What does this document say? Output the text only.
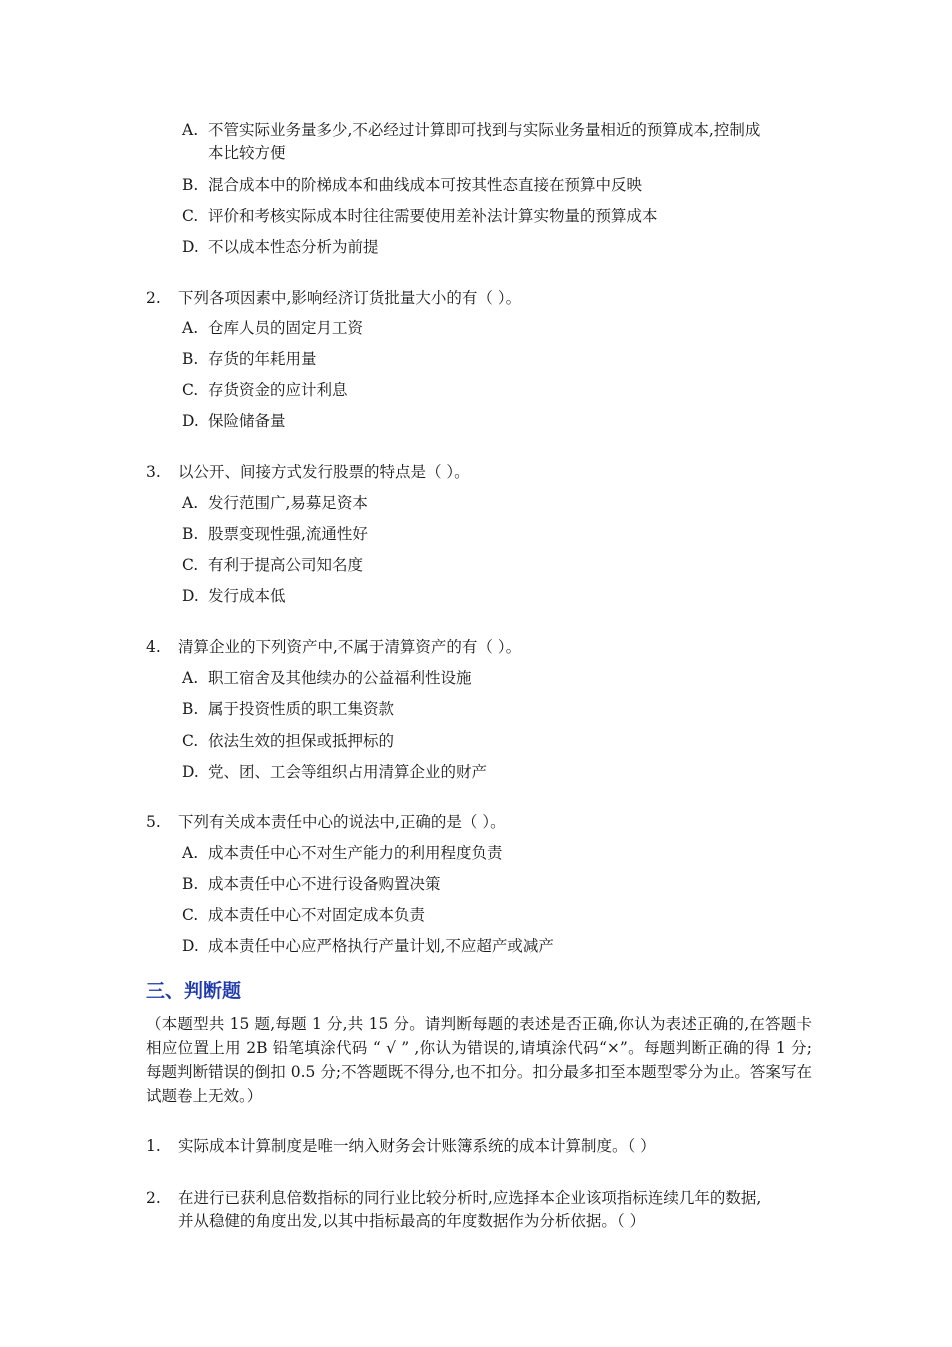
A. 不管实际业务量多少,不必经过计算即可找到与实际业务量相近的预算成本,控制成
本比较方便
B. 混合成本中的阶梯成本和曲线成本可按其性态直接在预算中反映
C. 评价和考核实际成本时往往需要使用差补法计算实物量的预算成本
D. 不以成本性态分析为前提
2. 下列各项因素中,影响经济订货批量大小的有（ ）。
A. 仓库人员的固定月工资
B. 存货的年耗用量
C. 存货资金的应计利息
D. 保险储备量
3. 以公开、间接方式发行股票的特点是（ ）。
A. 发行范围广,易募足资本
B. 股票变现性强,流通性好
C. 有利于提高公司知名度
D. 发行成本低
4. 清算企业的下列资产中,不属于清算资产的有（ ）。
A. 职工宿舍及其他续办的公益福利性设施
B. 属于投资性质的职工集资款
C. 依法生效的担保或抵押标的
D. 党、团、工会等组织占用清算企业的财产
5. 下列有关成本责任中心的说法中,正确的是（ ）。
A. 成本责任中心不对生产能力的利用程度负责
B. 成本责任中心不进行设备购置决策
C. 成本责任中心不对固定成本负责
D. 成本责任中心应严格执行产量计划,不应超产或减产
三、判断题
（本题型共 15 题,每题 1 分,共 15 分。请判断每题的表述是否正确,你认为表述正确的,在答题卡相应位置上用 2B 铅笔填涂代码 “ √ ” ,你认为错误的,请填涂代码“×”。每题判断正确的得 1 分;每题判断错误的倒扣 0.5 分;不答题既不得分,也不扣分。扣分最多扣至本题型零分为止。答案写在试题卷上无效。）
1. 实际成本计算制度是唯一纳入财务会计账簿系统的成本计算制度。（ ）
2. 在进行已获利息倍数指标的同行业比较分析时,应选择本企业该项指标连续几年的数据,
并从稳健的角度出发,以其中指标最高的年度数据作为分析依据。（ ）
